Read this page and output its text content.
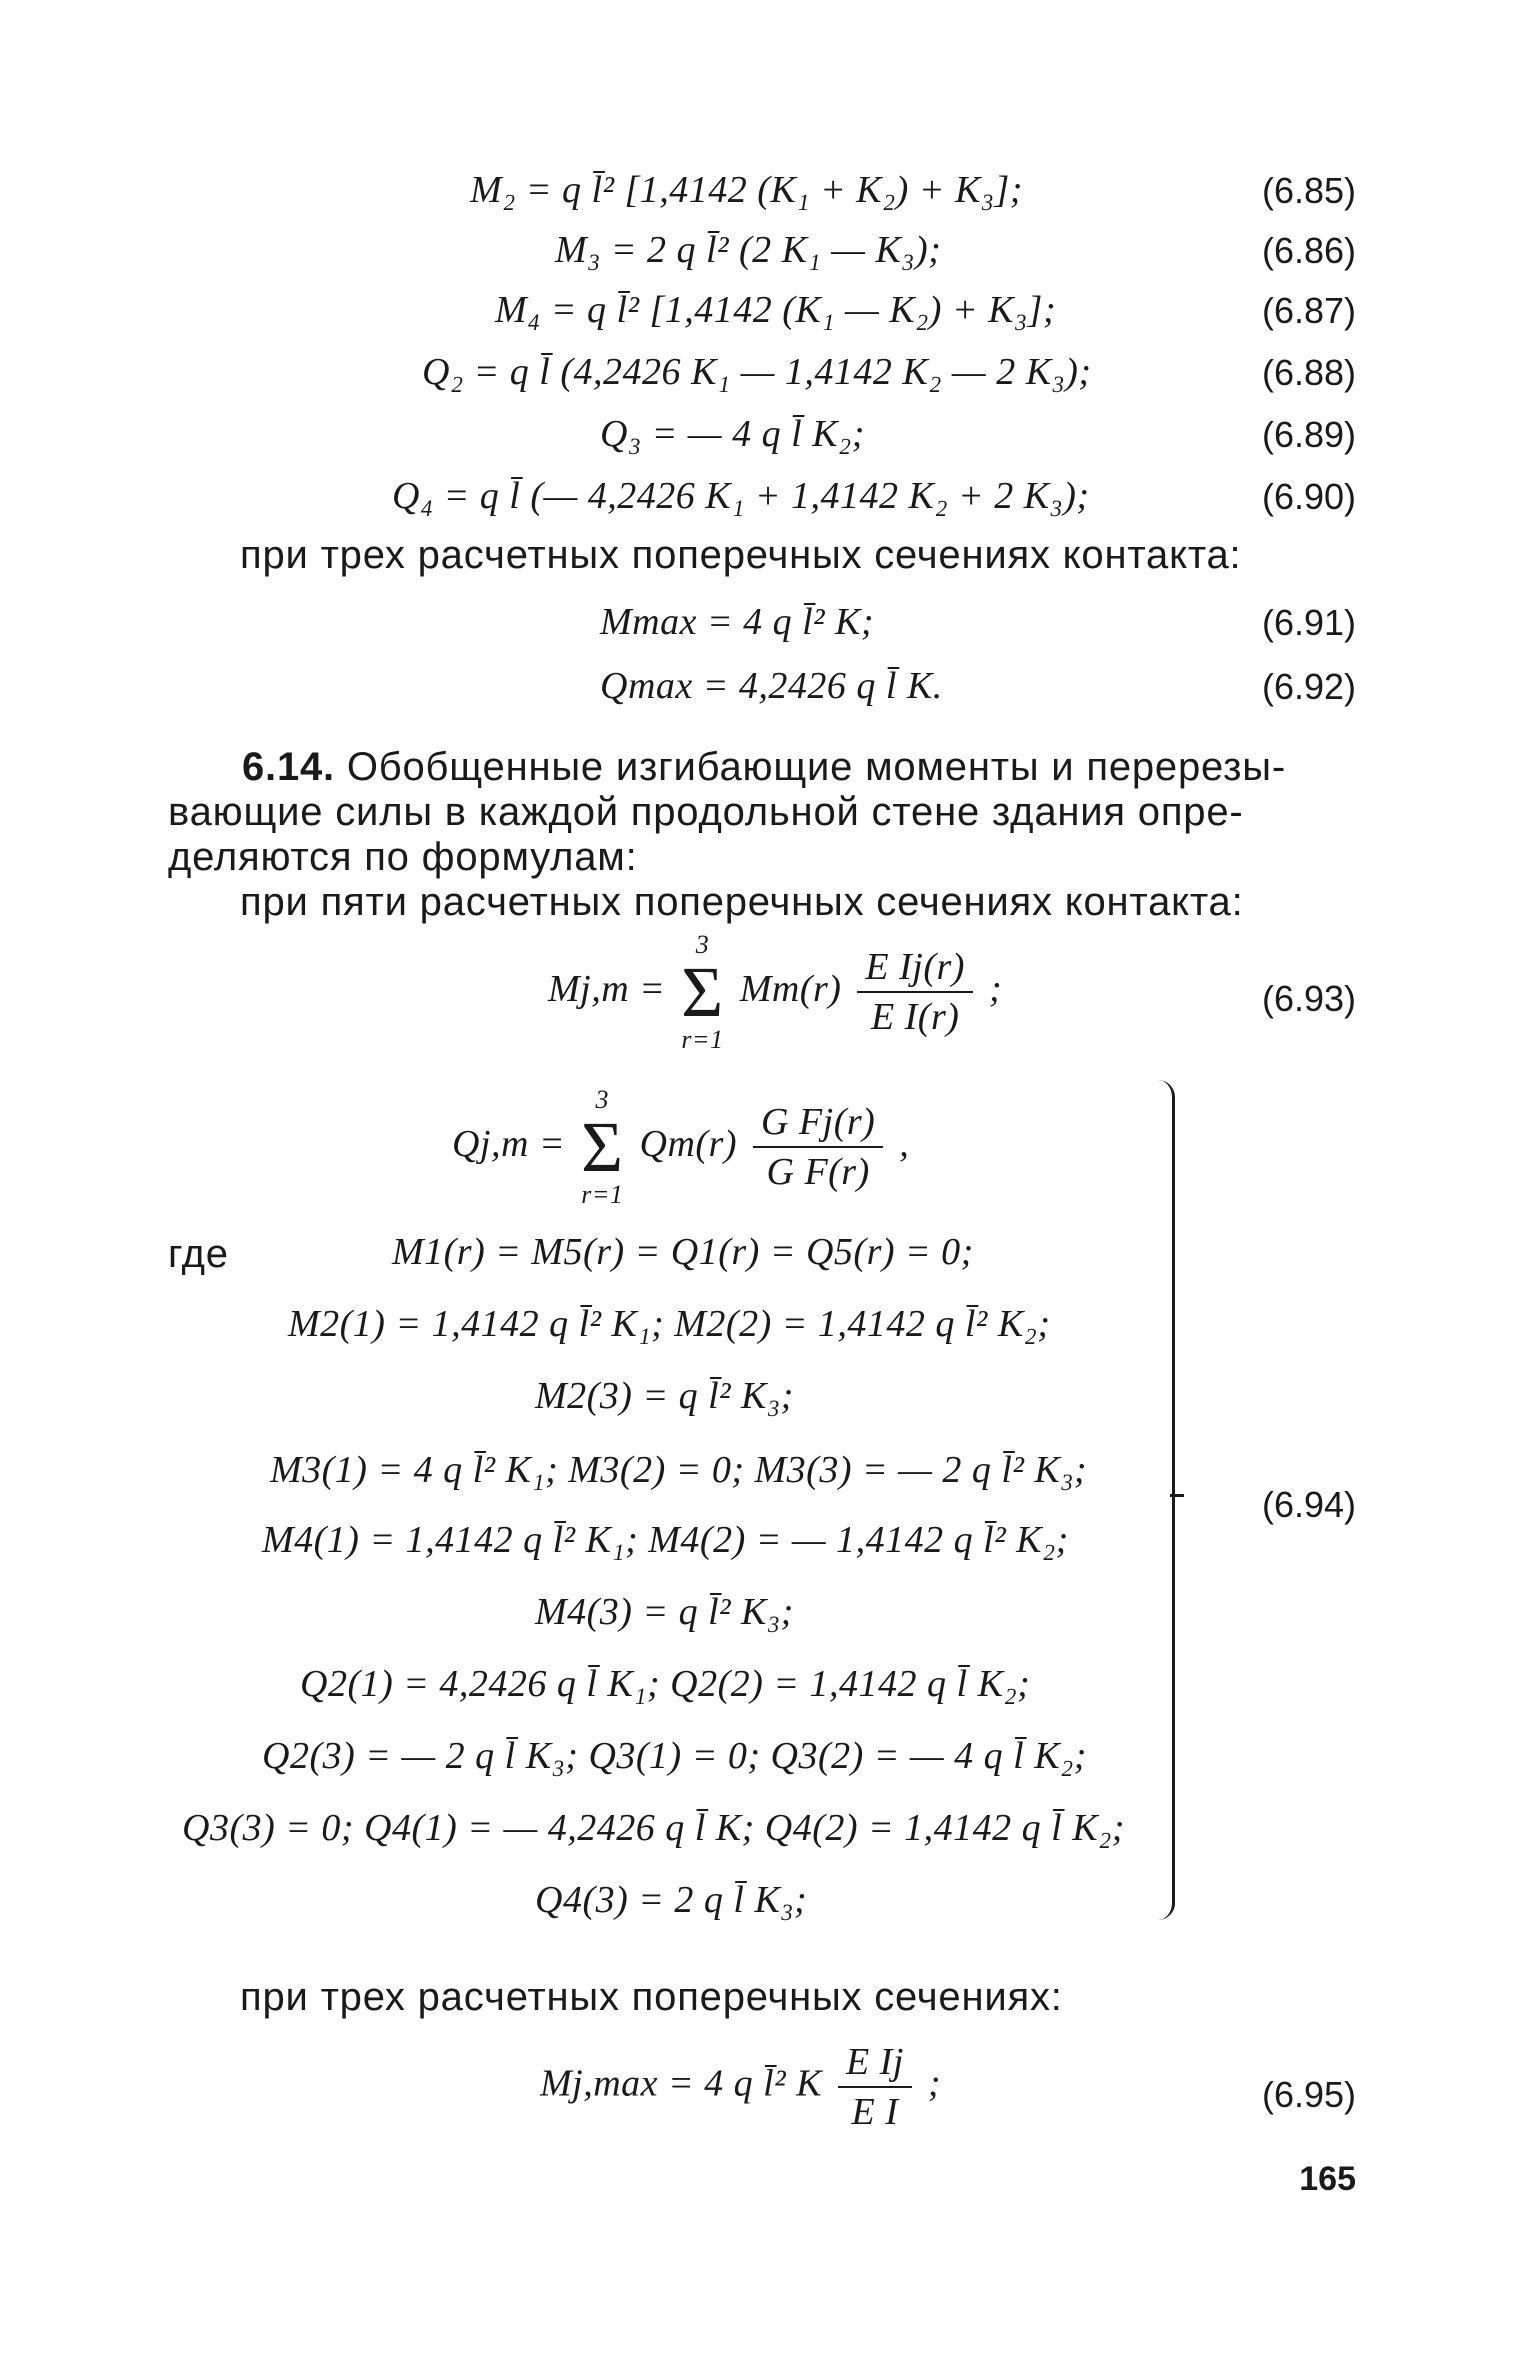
M₂ = q l̄² [1,4142 (K₁ + K₂) + K₃];	(6.85)
M₃ = 2 q l̄² (2 K₁ — K₃);	(6.86)
M₄ = q l̄² [1,4142 (K₁ — K₂) + K₃];	(6.87)
Q₂ = q l̄ (4,2426 K₁ — 1,4142 K₂ — 2 K₃);	(6.88)
Q₃ = — 4 q l̄ K₂;	(6.89)
Q₄ = q l̄ (— 4,2426 K₁ + 1,4142 K₂ + 2 K₃);	(6.90)
при трех расчетных поперечных сечениях контакта:
Mmax = 4 q l̄² K;	(6.91)
Qmax = 4,2426 q l̄ K.	(6.92)
6.14. Обобщенные изгибающие моменты и перерезы-
вающие силы в каждой продольной стене здания опре-
деляются по формулам:
при пяти расчетных поперечных сечениях контакта:
Mj,m =
3
Σ
r=1
$Mm(r) \frac{\text{E Ij(r)}}{\text{E I(r)}}$ ;	(6.93)
Qj,m =
3
Σ
r=1
$Qm(r) \frac{\text{G Fj(r)}}{\text{G F(r)}}$ ,
где	M1(r) = M5(r) = Q1(r) = Q5(r) = 0;
M2(1) = 1,4142 q l̄² K₁; M2(2) = 1,4142 q l̄² K₂;
M2(3) = q l̄² K₃;
M3(1) = 4 q l̄² K₁; M3(2) = 0; M3(3) = — 2 q l̄² K₃;
M4(1) = 1,4142 q l̄² K₁; M4(2) = — 1,4142 q l̄² K₂;
M4(3) = q l̄² K₃;
Q2(1) = 4,2426 q l̄ K₁; Q2(2) = 1,4142 q l̄ K₂;
Q2(3) = — 2 q l̄ K₃; Q3(1) = 0; Q3(2) = — 4 q l̄ K₂;
Q3(3) = 0; Q4(1) = — 4,2426 q l̄ K; Q4(2) = 1,4142 q l̄ K₂;
Q4(3) = 2 q l̄ K₃;
(6.94)
при трех расчетных поперечных сечениях:
Mj,max = 4 q l̄² K $\frac{\text{E Ij}}{\text{E I}}$ ;	(6.95)
165
